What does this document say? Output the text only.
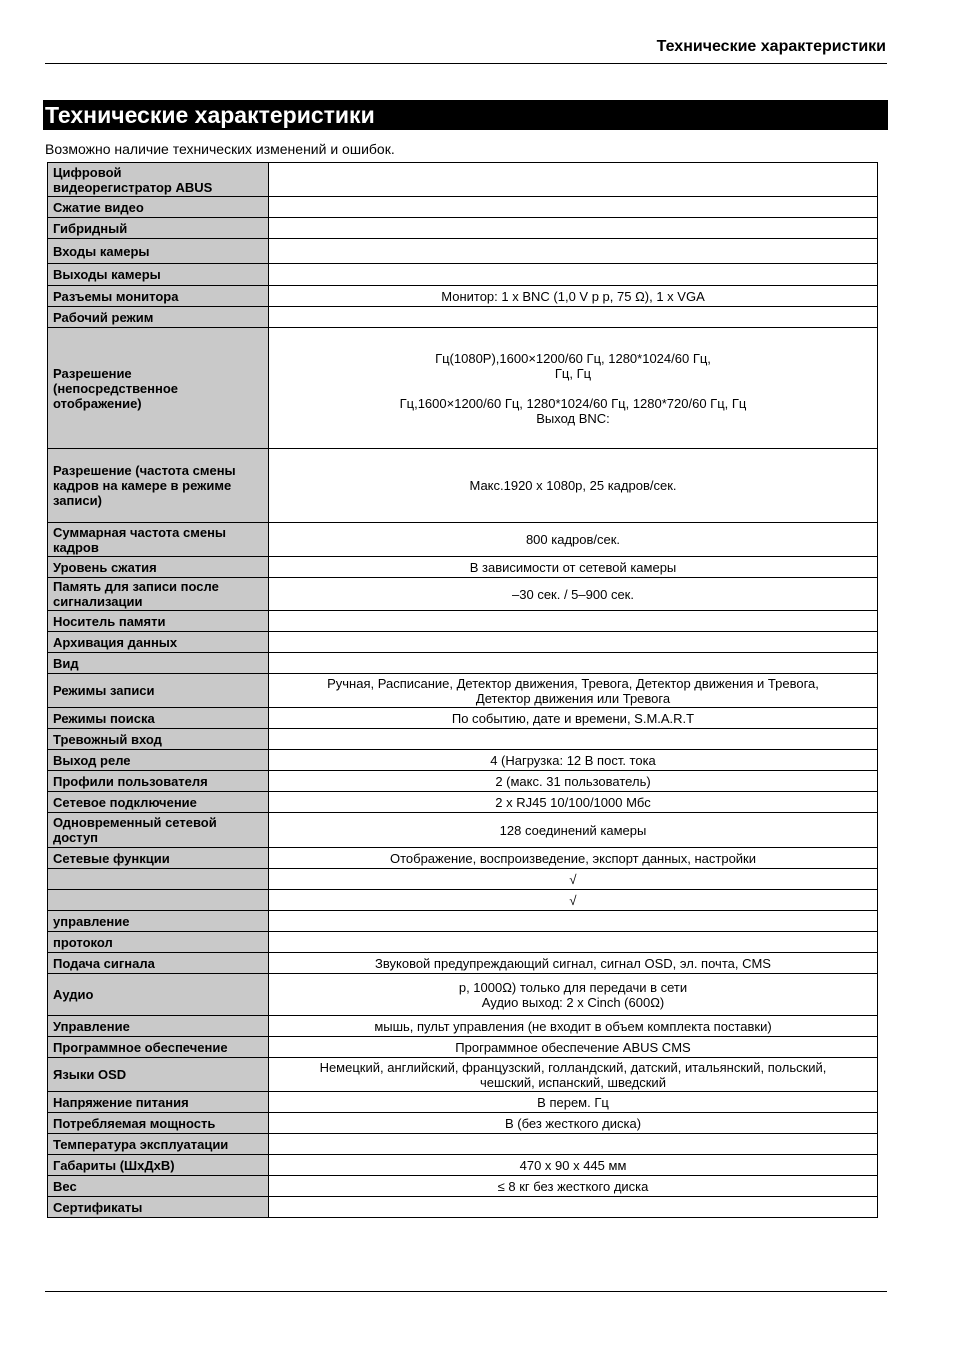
Технические характеристики
Технические характеристики
Возможно наличие технических изменений и ошибок.
Цифровой
видеорегистратор ABUS	
Сжатие видео	
Гибридный	
Входы камеры	
Выходы камеры	
Разъемы монитора	Монитор: 1 x BNC (1,0 V p p, 75 Ω), 1 x VGA
Рабочий режим	
Разрешение
(непосредственное
отображение)	Гц(1080P),1600×1200/60 Гц, 1280*1024/60 Гц,
Гц, Гц

Гц,1600×1200/60 Гц, 1280*1024/60 Гц, 1280*720/60 Гц, Гц
Выход BNC:
Разрешение (частота смены
кадров на камере в режиме
записи)	Макс.1920 x 1080p, 25 кадров/сек.
Суммарная частота смены
кадров	800 кадров/сек.
Уровень сжатия	В зависимости от сетевой камеры
Память для записи после
сигнализации	–30 сек. / 5–900 сек.
Носитель памяти	
Архивация данных	
Вид	
Режимы записи	Ручная, Расписание, Детектор движения, Тревога, Детектор движения и Тревога,
Детектор движения или Тревога
Режимы поиска	По событию, дате и времени, S.M.A.R.T
Тревожный вход	
Выход реле	4 (Нагрузка: 12 В пост. тока
Профили пользователя	2 (макс. 31 пользователь)
Сетевое подключение	2 x RJ45 10/100/1000 Мбс
Одновременный сетевой
доступ	128 соединений камеры
Сетевые функции	Отображение, воспроизведение, экспорт данных, настройки
	√
	√
управление	
протокол	
Подача сигнала	Звуковой предупреждающий сигнал, сигнал OSD, эл. почта, CMS
Аудио	р, 1000Ω) только для передачи в сети
Аудио выход: 2 x Cinch (600Ω)
Управление	мышь, пульт управления (не входит в объем комплекта поставки)
Программное обеспечение	Программное обеспечение ABUS CMS
Языки OSD	Немецкий, английский, французский, голландский, датский, итальянский, польский,
чешский, испанский, шведский
Напряжение питания	В перем. Гц
Потребляемая мощность	В (без жесткого диска)
Температура эксплуатации	
Габариты (ШхДхВ)	470 x 90 x 445 мм
Вес	≤ 8 кг без жесткого диска
Сертификаты	
